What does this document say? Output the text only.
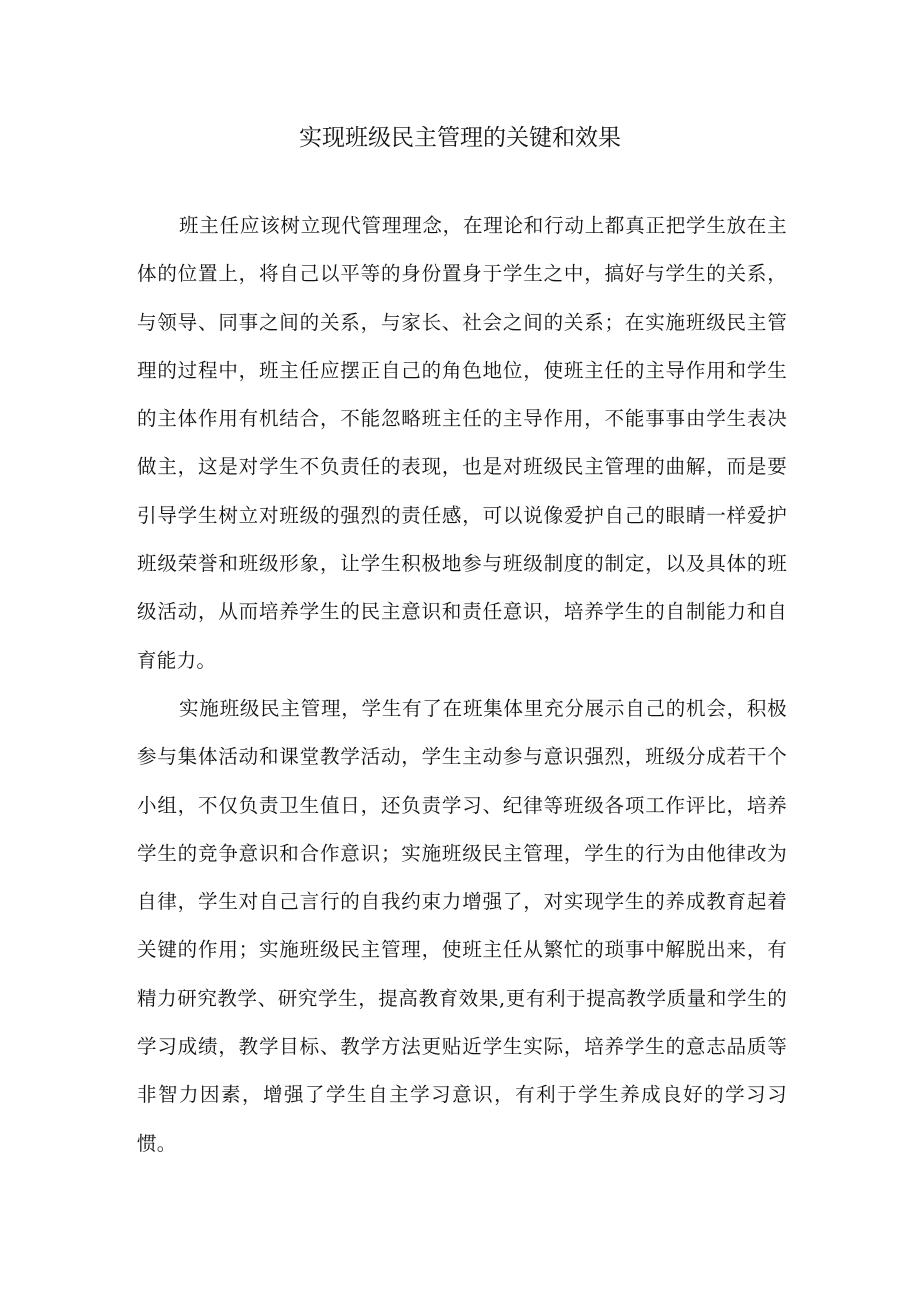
实现班级民主管理的关键和效果

班主任应该树立现代管理理念，在理论和行动上都真正把学生放在主体的位置上，将自己以平等的身份置身于学生之中，搞好与学生的关系，与领导、同事之间的关系，与家长、社会之间的关系；在实施班级民主管理的过程中，班主任应摆正自己的角色地位，使班主任的主导作用和学生的主体作用有机结合，不能忽略班主任的主导作用，不能事事由学生表决做主，这是对学生不负责任的表现，也是对班级民主管理的曲解，而是要引导学生树立对班级的强烈的责任感，可以说像爱护自己的眼睛一样爱护班级荣誉和班级形象，让学生积极地参与班级制度的制定，以及具体的班级活动，从而培养学生的民主意识和责任意识，培养学生的自制能力和自育能力。

实施班级民主管理，学生有了在班集体里充分展示自己的机会，积极参与集体活动和课堂教学活动，学生主动参与意识强烈，班级分成若干个小组，不仅负责卫生值日，还负责学习、纪律等班级各项工作评比，培养学生的竞争意识和合作意识；实施班级民主管理，学生的行为由他律改为自律，学生对自己言行的自我约束力增强了，对实现学生的养成教育起着关键的作用；实施班级民主管理，使班主任从繁忙的琐事中解脱出来，有精力研究教学、研究学生，提高教育效果,更有利于提高教学质量和学生的学习成绩，教学目标、教学方法更贴近学生实际，培养学生的意志品质等非智力因素，增强了学生自主学习意识，有利于学生养成良好的学习习惯。
